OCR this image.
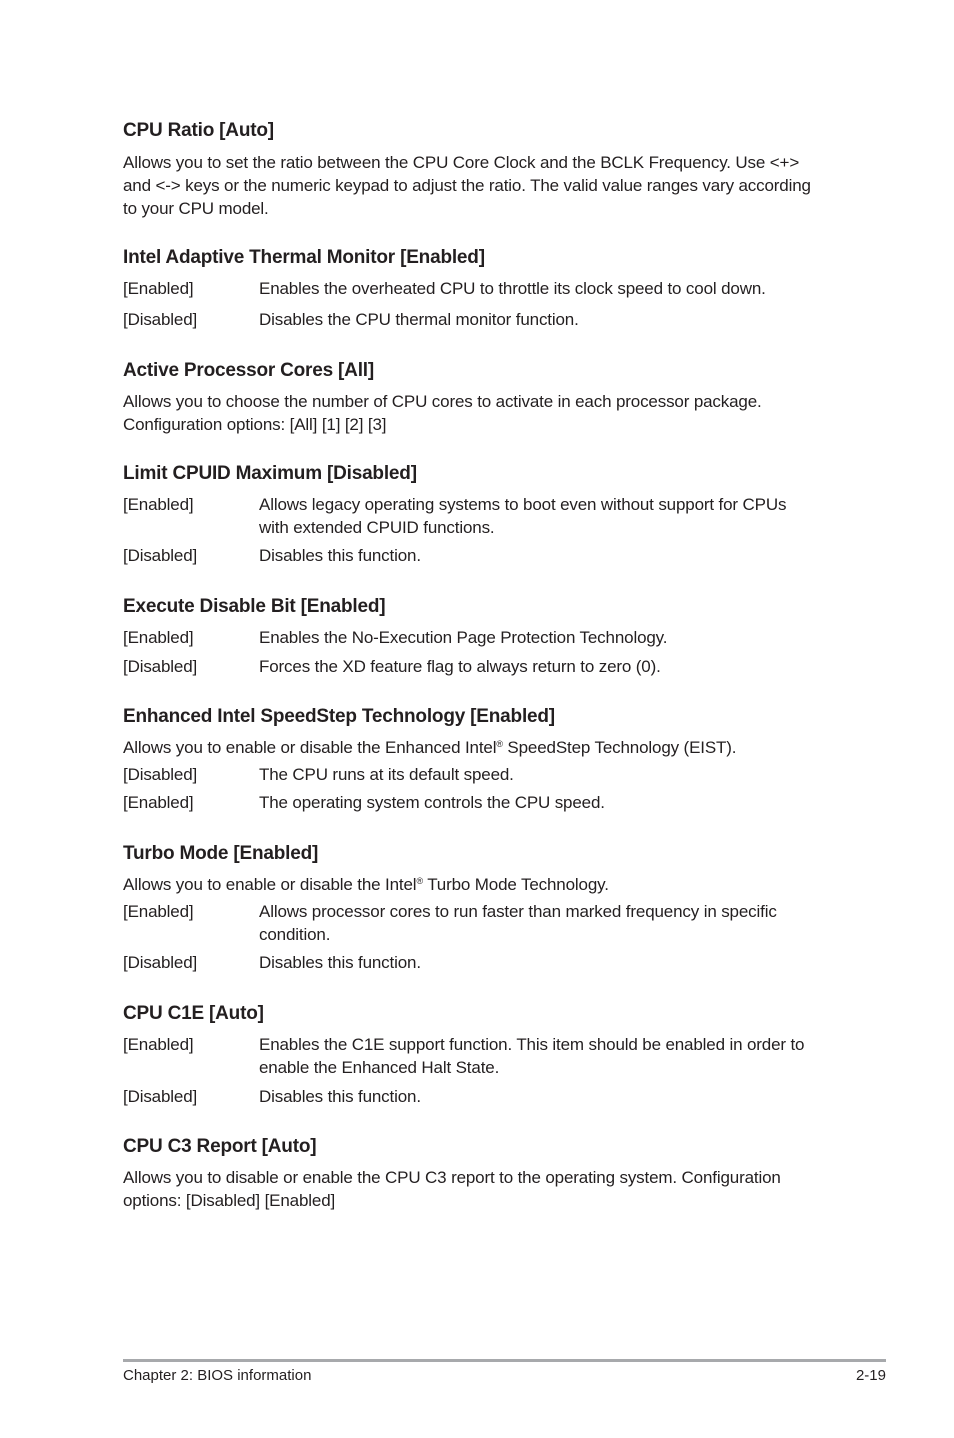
CPU Ratio [Auto]
Allows you to set the ratio between the CPU Core Clock and the BCLK Frequency. Use <+>
and <-> keys or the numeric keypad to adjust the ratio. The valid value ranges vary according
to your CPU model.
Intel Adaptive Thermal Monitor [Enabled]
[Enabled]	Enables the overheated CPU to throttle its clock speed to cool down.
[Disabled]	Disables the CPU thermal monitor function.
Active Processor Cores [All]
Allows you to choose the number of CPU cores to activate in each processor package.
Configuration options: [All] [1] [2] [3]
Limit CPUID Maximum [Disabled]
[Enabled]	Allows legacy operating systems to boot even without support for CPUs
with extended CPUID functions.
[Disabled]	Disables this function.
Execute Disable Bit [Enabled]
[Enabled]	Enables the No-Execution Page Protection Technology.
[Disabled]	Forces the XD feature flag to always return to zero (0).
Enhanced Intel SpeedStep Technology [Enabled]
Allows you to enable or disable the Enhanced Intel® SpeedStep Technology (EIST).
[Disabled]	The CPU runs at its default speed.
[Enabled]	The operating system controls the CPU speed.
Turbo Mode [Enabled]
Allows you to enable or disable the Intel® Turbo Mode Technology.
[Enabled]	Allows processor cores to run faster than marked frequency in specific
condition.
[Disabled]	Disables this function.
CPU C1E [Auto]
[Enabled]	Enables the C1E support function. This item should be enabled in order to
enable the Enhanced Halt State.
[Disabled]	Disables this function.
CPU C3 Report [Auto]
Allows you to disable or enable the CPU C3 report to the operating system. Configuration
options: [Disabled] [Enabled]
Chapter 2: BIOS information	2-19
